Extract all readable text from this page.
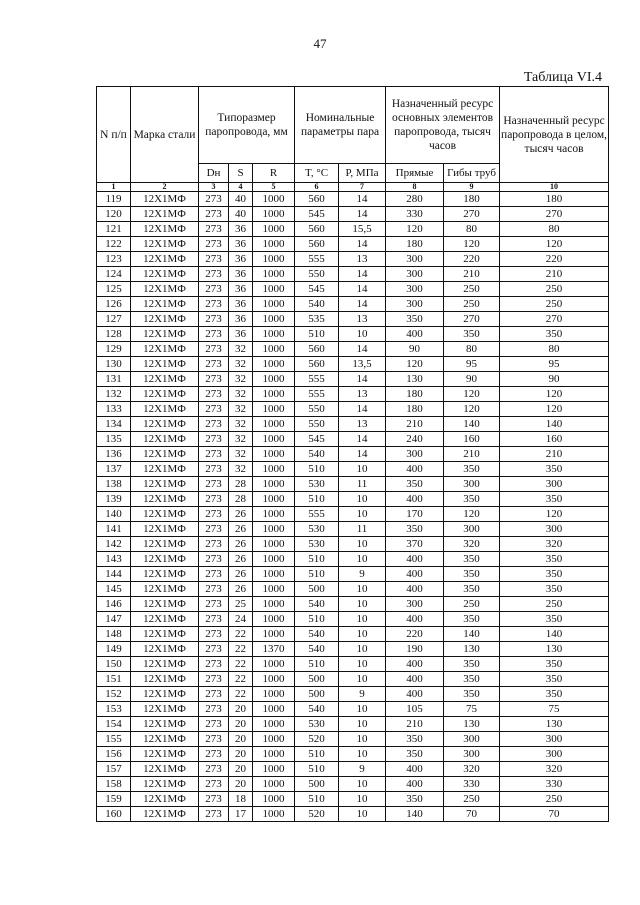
47
Таблица VI.4
N п/п	Марка стали	Типоразмер паропровода, мм			Номинальные параметры пара		Назначенный ресурс основных элементов паропровода, тысяч часов		Назначенный ресурс паропровода в целом, тысяч часов
		Dн	S	R	T, °C	P, МПа	Прямые	Гибы труб	
1	2	3	4	5	6	7	8	9	10
119	12Х1МФ	273	40	1000	560	14	280	180	180
120	12Х1МФ	273	40	1000	545	14	330	270	270
121	12Х1МФ	273	36	1000	560	15,5	120	80	80
122	12Х1МФ	273	36	1000	560	14	180	120	120
123	12Х1МФ	273	36	1000	555	13	300	220	220
124	12Х1МФ	273	36	1000	550	14	300	210	210
125	12Х1МФ	273	36	1000	545	14	300	250	250
126	12Х1МФ	273	36	1000	540	14	300	250	250
127	12Х1МФ	273	36	1000	535	13	350	270	270
128	12Х1МФ	273	36	1000	510	10	400	350	350
129	12Х1МФ	273	32	1000	560	14	90	80	80
130	12Х1МФ	273	32	1000	560	13,5	120	95	95
131	12Х1МФ	273	32	1000	555	14	130	90	90
132	12Х1МФ	273	32	1000	555	13	180	120	120
133	12Х1МФ	273	32	1000	550	14	180	120	120
134	12Х1МФ	273	32	1000	550	13	210	140	140
135	12Х1МФ	273	32	1000	545	14	240	160	160
136	12Х1МФ	273	32	1000	540	14	300	210	210
137	12Х1МФ	273	32	1000	510	10	400	350	350
138	12Х1МФ	273	28	1000	530	11	350	300	300
139	12Х1МФ	273	28	1000	510	10	400	350	350
140	12Х1МФ	273	26	1000	555	10	170	120	120
141	12Х1МФ	273	26	1000	530	11	350	300	300
142	12Х1МФ	273	26	1000	530	10	370	320	320
143	12Х1МФ	273	26	1000	510	10	400	350	350
144	12Х1МФ	273	26	1000	510	9	400	350	350
145	12Х1МФ	273	26	1000	500	10	400	350	350
146	12Х1МФ	273	25	1000	540	10	300	250	250
147	12Х1МФ	273	24	1000	510	10	400	350	350
148	12Х1МФ	273	22	1000	540	10	220	140	140
149	12Х1МФ	273	22	1370	540	10	190	130	130
150	12Х1МФ	273	22	1000	510	10	400	350	350
151	12Х1МФ	273	22	1000	500	10	400	350	350
152	12Х1МФ	273	22	1000	500	9	400	350	350
153	12Х1МФ	273	20	1000	540	10	105	75	75
154	12Х1МФ	273	20	1000	530	10	210	130	130
155	12Х1МФ	273	20	1000	520	10	350	300	300
156	12Х1МФ	273	20	1000	510	10	350	300	300
157	12Х1МФ	273	20	1000	510	9	400	320	320
158	12Х1МФ	273	20	1000	500	10	400	330	330
159	12Х1МФ	273	18	1000	510	10	350	250	250
160	12Х1МФ	273	17	1000	520	10	140	70	70
